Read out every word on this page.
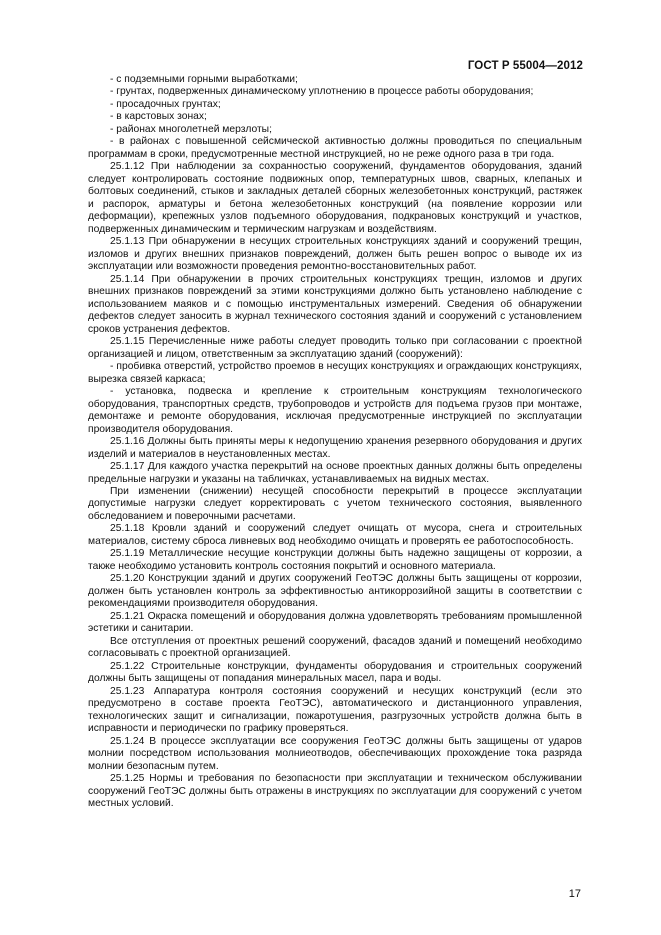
ГОСТ Р 55004—2012

- с подземными горными выработками;

- грунтах, подверженных динамическому уплотнению в процессе работы оборудования;

- просадочных грунтах;

- в карстовых зонах;

- районах многолетней мерзлоты;

- в районах с повышенной сейсмической активностью должны проводиться по специальным программам в сроки, предусмотренные местной инструкцией, но не реже одного раза в три года.

25.1.12 При наблюдении за сохранностью сооружений, фундаментов оборудования, зданий следует контролировать состояние подвижных опор, температурных швов, сварных, клепаных и болтовых соединений, стыков и закладных деталей сборных железобетонных конструкций, растяжек и распорок, арматуры и бетона железобетонных конструкций (на появление коррозии или деформации), крепежных узлов подъемного оборудования, подкрановых конструкций и участков, подверженных динамическим и термическим нагрузкам и воздействиям.

25.1.13 При обнаружении в несущих строительных конструкциях зданий и сооружений трещин, изломов и других внешних признаков повреждений, должен быть решен вопрос о выводе их из эксплуатации или возможности проведения ремонтно-восстановительных работ.

25.1.14 При обнаружении в прочих строительных конструкциях трещин, изломов и других внешних признаков повреждений за этими конструкциями должно быть установлено наблюдение с использованием маяков и с помощью инструментальных измерений. Сведения об обнаружении дефектов следует заносить в журнал технического состояния зданий и сооружений с установлением сроков устранения дефектов.

25.1.15 Перечисленные ниже работы следует проводить только при согласовании с проектной организацией и лицом, ответственным за эксплуатацию зданий (сооружений):

- пробивка отверстий, устройство проемов в несущих конструкциях и ограждающих конструкциях, вырезка связей каркаса;

- установка, подвеска и крепление к строительным конструкциям технологического оборудования, транспортных средств, трубопроводов и устройств для подъема грузов при монтаже, демонтаже и ремонте оборудования, исключая предусмотренные инструкцией по эксплуатации производителя оборудования.

25.1.16 Должны быть приняты меры к недопущению хранения резервного оборудования и других изделий и материалов в неустановленных местах.

25.1.17 Для каждого участка перекрытий на основе проектных данных должны быть определены предельные нагрузки и указаны на табличках, устанавливаемых на видных местах.

При изменении (снижении) несущей способности перекрытий в процессе эксплуатации допустимые нагрузки следует корректировать с учетом технического состояния, выявленного обследованием и поверочными расчетами.

25.1.18 Кровли зданий и сооружений следует очищать от мусора, снега и строительных материалов, систему сброса ливневых вод необходимо очищать и проверять ее работоспособность.

25.1.19 Металлические несущие конструкции должны быть надежно защищены от коррозии, а также необходимо установить контроль состояния покрытий и основного материала.

25.1.20 Конструкции зданий и других сооружений ГеоТЭС должны быть защищены от коррозии, должен быть установлен контроль за эффективностью антикоррозийной защиты в соответствии с рекомендациями производителя оборудования.

25.1.21 Окраска помещений и оборудования должна удовлетворять требованиям промышленной эстетики и санитарии.

Все отступления от проектных решений сооружений, фасадов зданий и помещений необходимо согласовывать с проектной организацией.

25.1.22 Строительные конструкции, фундаменты оборудования и строительных сооружений должны быть защищены от попадания минеральных масел, пара и воды.

25.1.23 Аппаратура контроля состояния сооружений и несущих конструкций (если это предусмотрено в составе проекта ГеоТЭС), автоматического и дистанционного управления, технологических защит и сигнализации, пожаротушения, разгрузочных устройств должна быть в исправности и периодически по графику проверяться.

25.1.24 В процессе эксплуатации все сооружения ГеоТЭС должны быть защищены от ударов молнии посредством использования молниеотводов, обеспечивающих прохождение тока разряда молнии безопасным путем.

25.1.25 Нормы и требования по безопасности при эксплуатации и техническом обслуживании сооружений ГеоТЭС должны быть отражены в инструкциях по эксплуатации для сооружений с учетом местных условий.

17
